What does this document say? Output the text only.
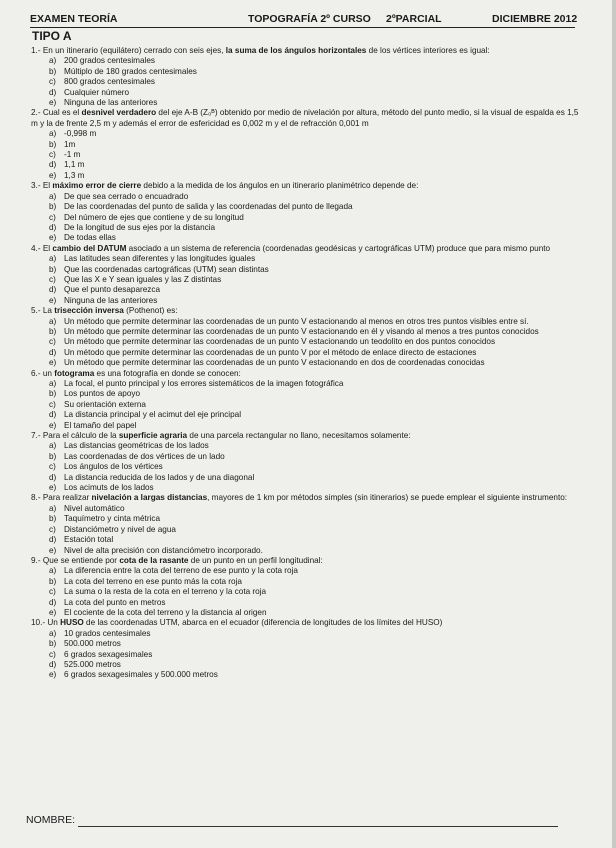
EXAMEN TEORÍA	TOPOGRAFÍA 2º CURSO 2ºPARCIAL	DICIEMBRE 2012
TIPO A
1.- En un itinerario (equilátero) cerrado con seis ejes, la suma de los ángulos horizontales de los vértices interiores es igual:
a) 200 grados centesimales
b) Múltiplo de 180 grados centesimales
c) 800 grados centesimales
d) Cualquier número
e) Ninguna de las anteriores
2.- Cual es el desnivel verdadero del eje A-B (Z₀ᴮ) obtenido por medio de nivelación por altura, método del punto medio, si la visual de espalda es 1,5 m y la de frente 2,5 m y además el error de esfericidad es 0,002 m y el de refracción 0,001 m
a) -0,998 m
b) 1m
c) -1 m
d) 1,1 m
e) 1,3 m
3.- El máximo error de cierre debido a la medida de los ángulos en un itinerario planimétrico depende de:
a) De que sea cerrado o encuadrado
b) De las coordenadas del punto de salida y las coordenadas del punto de llegada
c) Del número de ejes que contiene y de su longitud
d) De la longitud de sus ejes por la distancia
e) De todas ellas
4.- El cambio del DATUM asociado a un sistema de referencia (coordenadas geodésicas y cartográficas UTM) produce que para mismo punto
a) Las latitudes sean diferentes y las longitudes iguales
b) Que las coordenadas cartográficas (UTM) sean distintas
c) Que las X e Y sean iguales y las Z distintas
d) Que el punto desaparezca
e) Ninguna de las anteriores
5.- La trisección inversa (Pothenot) es:
a) Un método que permite determinar las coordenadas de un punto V estacionando al menos en otros tres puntos visibles entre sí.
b) Un método que permite determinar las coordenadas de un punto V estacionando en él y visando al menos a tres puntos conocidos
c) Un método que permite determinar las coordenadas de un punto V estacionando un teodolito en dos puntos conocidos
d) Un método que permite determinar las coordenadas de un punto V por el método de enlace directo de estaciones
e) Un método que permite determinar las coordenadas de un punto V estacionando en dos de coordenadas conocidas
6.- un fotograma es una fotografía en donde se conocen:
a) La focal, el punto principal y los errores sistemáticos de la imagen fotográfica
b) Los puntos de apoyo
c) Su orientación externa
d) La distancia principal y el acimut del eje principal
e) El tamaño del papel
7.- Para el cálculo de la superficie agraria de una parcela rectangular no llano, necesitamos solamente:
a) Las distancias geométricas de los lados
b) Las coordenadas de dos vértices de un lado
c) Los ángulos de los vértices
d) La distancia reducida de los lados y de una diagonal
e) Los acimuts de los lados
8.- Para realizar nivelación a largas distancias, mayores de 1 km por métodos simples (sin itinerarios) se puede emplear el siguiente instrumento:
a) Nivel automático
b) Taquímetro y cinta métrica
c) Distanciómetro y nivel de agua
d) Estación total
e) Nivel de alta precisión con distanciómetro incorporado.
9.- Que se entiende por cota de la rasante de un punto en un perfil longitudinal:
a) La diferencia entre la cota del terreno de ese punto y la cota roja
b) La cota del terreno en ese punto más la cota roja
c) La suma o la resta de la cota en el terreno y la cota roja
d) La cota del punto en metros
e) El cociente de la cota del terreno y la distancia al origen
10.- Un HUSO de las coordenadas UTM, abarca en el ecuador (diferencia de longitudes de los límites del HUSO)
a) 10 grados centesimales
b) 500.000 metros
c) 6 grados sexagesimales
d) 525.000 metros
e) 6 grados sexagesimales y 500.000 metros
NOMBRE:
